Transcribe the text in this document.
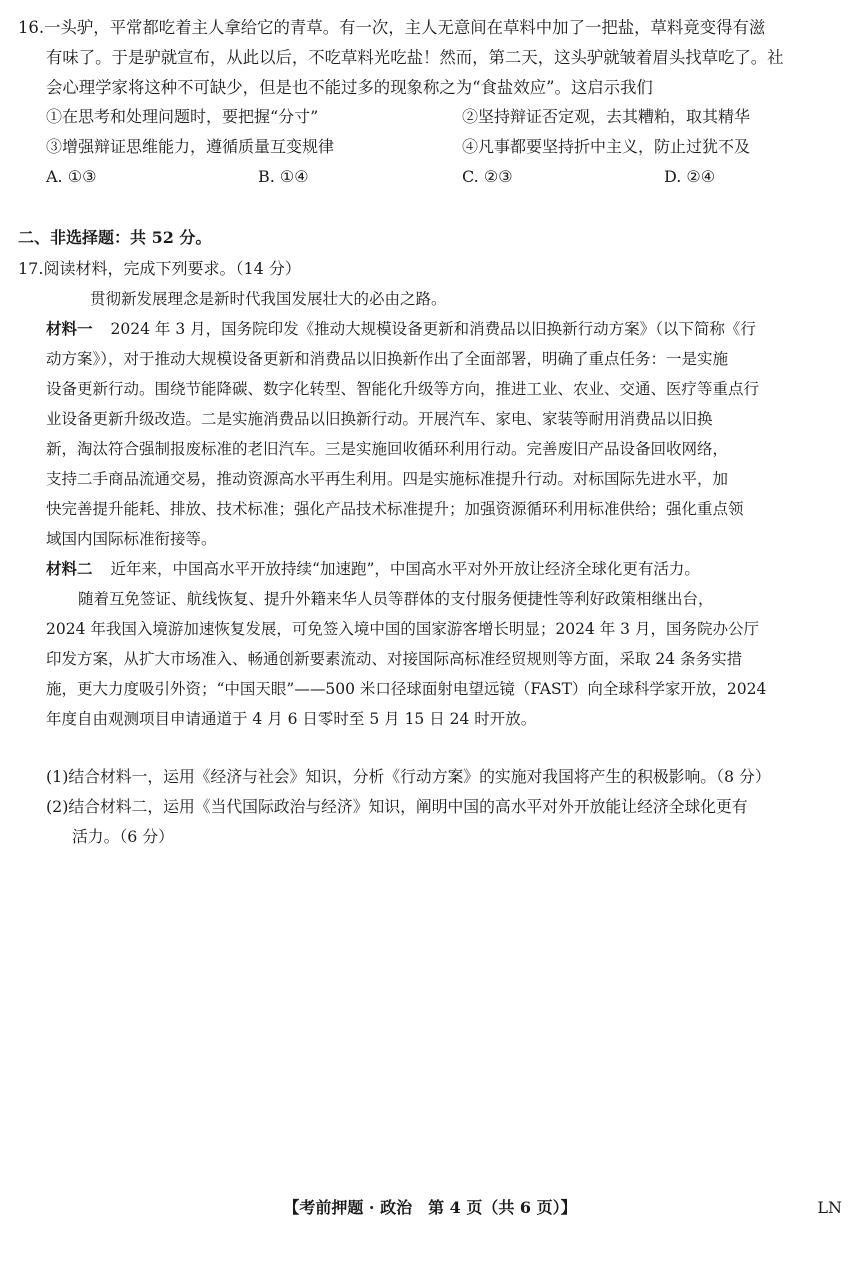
16.一头驴，平常都吃着主人拿给它的青草。有一次，主人无意间在草料中加了一把盐，草料竟变得有滋
有味了。于是驴就宣布，从此以后，不吃草料光吃盐！然而，第二天，这头驴就皱着眉头找草吃了。社
会心理学家将这种不可缺少，但是也不能过多的现象称之为“食盐效应”。这启示我们
①在思考和处理问题时，要把握“分寸”	②坚持辩证否定观，去其糟粕，取其精华
③增强辩证思维能力，遵循质量互变规律	④凡事都要坚持折中主义，防止过犹不及
A. ①③	B. ①④	C. ②③	D. ②④
二、非选择题：共 52 分。
17.阅读材料，完成下列要求。（14 分）
贯彻新发展理念是新时代我国发展壮大的必由之路。
材料一 2024 年 3 月，国务院印发《推动大规模设备更新和消费品以旧换新行动方案》（以下简称《行
动方案》），对于推动大规模设备更新和消费品以旧换新作出了全面部署，明确了重点任务：一是实施
设备更新行动。围绕节能降碳、数字化转型、智能化升级等方向，推进工业、农业、交通、医疗等重点行
业设备更新升级改造。二是实施消费品以旧换新行动。开展汽车、家电、家装等耐用消费品以旧换
新，淘汰符合强制报废标准的老旧汽车。三是实施回收循环利用行动。完善废旧产品设备回收网络，
支持二手商品流通交易，推动资源高水平再生利用。四是实施标准提升行动。对标国际先进水平，加
快完善提升能耗、排放、技术标准；强化产品技术标准提升；加强资源循环利用标准供给；强化重点领
域国内国际标准衔接等。
材料二 近年来，中国高水平开放持续“加速跑”，中国高水平对外开放让经济全球化更有活力。
随着互免签证、航线恢复、提升外籍来华人员等群体的支付服务便捷性等利好政策相继出台，
2024 年我国入境游加速恢复发展，可免签入境中国的国家游客增长明显；2024 年 3 月，国务院办公厅
印发方案，从扩大市场准入、畅通创新要素流动、对接国际高标准经贸规则等方面，采取 24 条务实措
施，更大力度吸引外资；“中国天眼”——500 米口径球面射电望远镜（FAST）向全球科学家开放，2024
年度自由观测项目申请通道于 4 月 6 日零时至 5 月 15 日 24 时开放。
(1)结合材料一，运用《经济与社会》知识，分析《行动方案》的实施对我国将产生的积极影响。（8 分）
(2)结合材料二，运用《当代国际政治与经济》知识，阐明中国的高水平对外开放能让经济全球化更有
活力。（6 分）
【考前押题 · 政治　第 4 页（共 6 页）】	LN
